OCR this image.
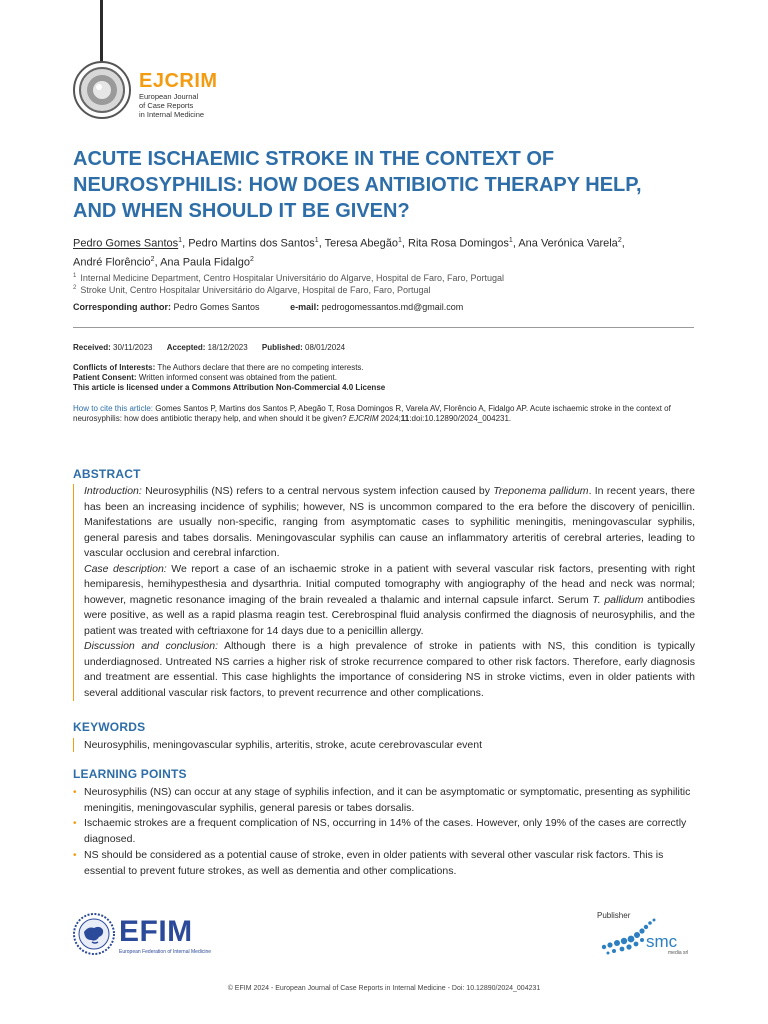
EJCRIM
European Journal
of Case Reports
in Internal Medicine
ACUTE ISCHAEMIC STROKE IN THE CONTEXT OF
NEUROSYPHILIS: HOW DOES ANTIBIOTIC THERAPY HELP,
AND WHEN SHOULD IT BE GIVEN?
Pedro Gomes Santos$^1$, Pedro Martins dos Santos$^1$, Teresa Abegão$^1$, Rita Rosa Domingos$^1$, Ana Verónica Varela$^2$,
André Florêncio$^2$, Ana Paula Fidalgo$^2$
$^1$ Internal Medicine Department, Centro Hospitalar Universitário do Algarve, Hospital de Faro, Faro, Portugal
$^2$ Stroke Unit, Centro Hospitalar Universitário do Algarve, Hospital de Faro, Faro, Portugal
Corresponding author: Pedro Gomes Santos	e-mail: pedrogomessantos.md@gmail.com
Received: 30/11/2023 Accepted: 18/12/2023 Published: 08/01/2024
Conflicts of Interests: The Authors declare that there are no competing interests.
Patient Consent: Written informed consent was obtained from the patient.
This article is licensed under a Commons Attribution Non-Commercial 4.0 License
How to cite this article: Gomes Santos P, Martins dos Santos P, Abegão T, Rosa Domingos R, Varela AV, Florêncio A, Fidalgo AP. Acute ischaemic stroke in the context of neurosyphilis: how does antibiotic therapy help, and when should it be given? EJCRIM 2024;11:doi:10.12890/2024_004231.
ABSTRACT

Introduction: Neurosyphilis (NS) refers to a central nervous system infection caused by Treponema pallidum. In recent years, there has been an increasing incidence of syphilis; however, NS is uncommon compared to the era before the discovery of penicillin. Manifestations are usually non-specific, ranging from asymptomatic cases to syphilitic meningitis, meningovascular syphilis, general paresis and tabes dorsalis. Meningovascular syphilis can cause an inflammatory arteritis of cerebral arteries, leading to vascular occlusion and cerebral infarction.

Case description: We report a case of an ischaemic stroke in a patient with several vascular risk factors, presenting with right hemiparesis, hemihypesthesia and dysarthria. Initial computed tomography with angiography of the head and neck was normal; however, magnetic resonance imaging of the brain revealed a thalamic and internal capsule infarct. Serum T. pallidum antibodies were positive, as well as a rapid plasma reagin test. Cerebrospinal fluid analysis confirmed the diagnosis of neurosyphilis, and the patient was treated with ceftriaxone for 14 days due to a penicillin allergy.

Discussion and conclusion: Although there is a high prevalence of stroke in patients with NS, this condition is typically underdiagnosed. Untreated NS carries a higher risk of stroke recurrence compared to other risk factors. Therefore, early diagnosis and treatment are essential. This case highlights the importance of considering NS in stroke victims, even in older patients with several additional vascular risk factors, to prevent recurrence and other complications.

KEYWORDS
Neurosyphilis, meningovascular syphilis, arteritis, stroke, acute cerebrovascular event
LEARNING POINTS
• Neurosyphilis (NS) can occur at any stage of syphilis infection, and it can be asymptomatic or symptomatic, presenting as syphilitic meningitis, meningovascular syphilis, general paresis or tabes dorsalis.
• Ischaemic strokes are a frequent complication of NS, occurring in 14% of the cases. However, only 19% of the cases are correctly diagnosed.
• NS should be considered as a potential cause of stroke, even in older patients with several other vascular risk factors. This is essential to prevent future strokes, as well as dementia and other complications.
EFIM
European Federation of Internal Medicine
Publisher
smc
media srl
© EFIM 2024 - European Journal of Case Reports in Internal Medicine - Doi: 10.12890/2024_004231
